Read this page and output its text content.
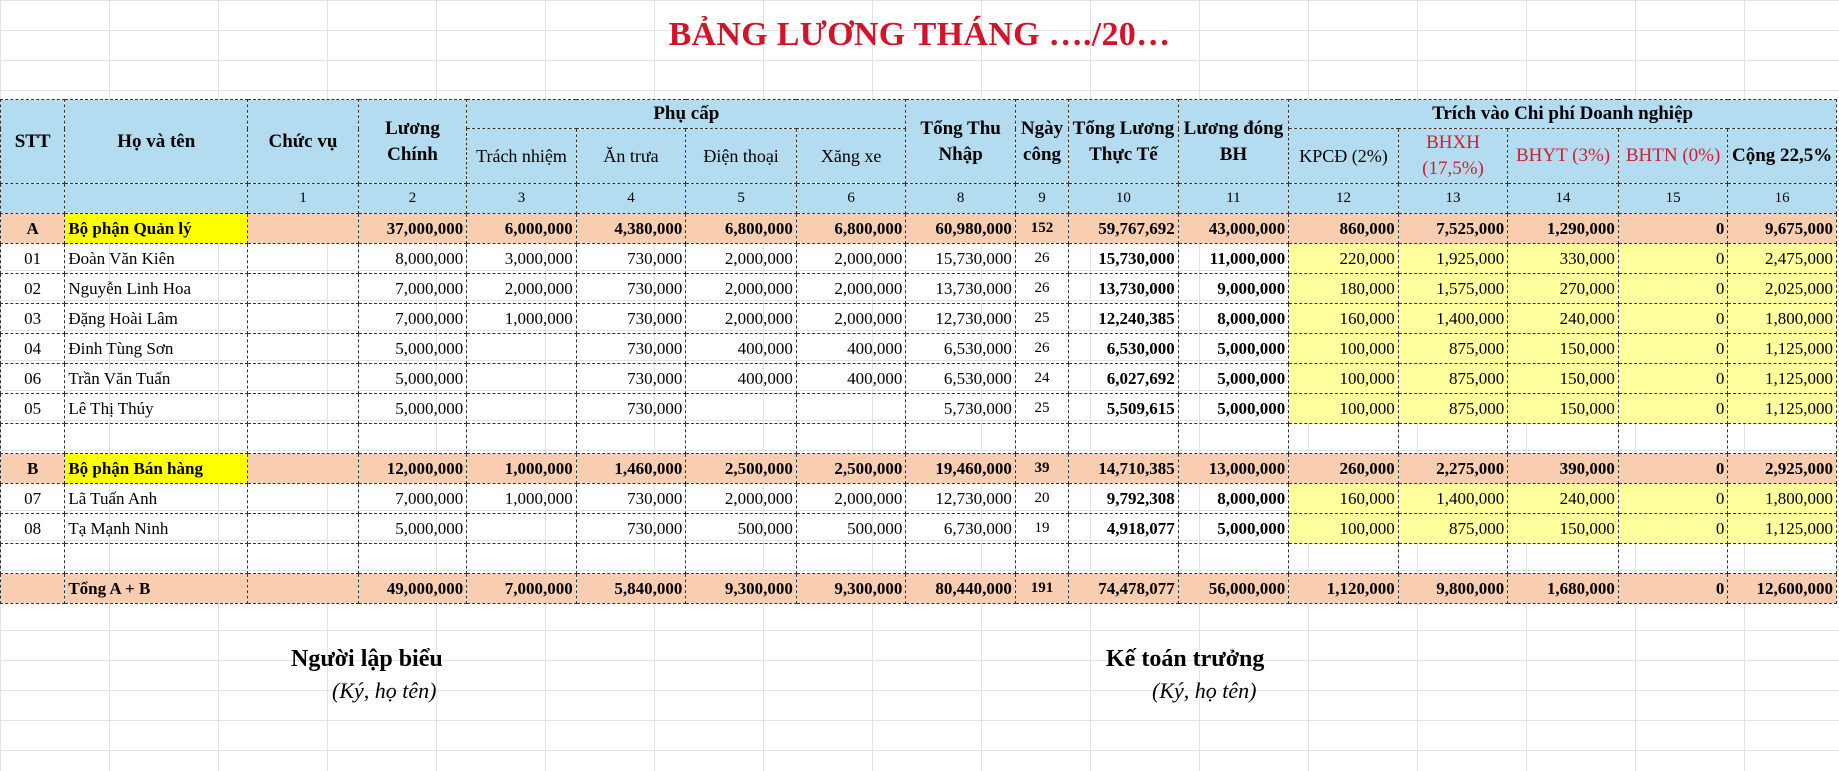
BẢNG LƯƠNG THÁNG …./20…
STT	Họ và tên	Chức vụ	Lương Chính	Phụ cấp				Tổng Thu Nhập	Ngày công	Tổng Lương Thực Tế	Lương đóng BH	Trích vào Chi phí Doanh nghiệp				
				Trách nhiệm	Ăn trưa	Điện thoại	Xăng xe					KPCĐ (2%)	BHXH (17,5%)	BHYT (3%)	BHTN (0%)	Cộng 22,5%
		1	2	3	4	5	6	8	9	10	11	12	13	14	15	16
A	Bộ phận Quản lý		37,000,000	6,000,000	4,380,000	6,800,000	6,800,000	60,980,000	152	59,767,692	43,000,000	860,000	7,525,000	1,290,000	0	9,675,000
01	Đoàn Văn Kiên		8,000,000	3,000,000	730,000	2,000,000	2,000,000	15,730,000	26	15,730,000	11,000,000	220,000	1,925,000	330,000	0	2,475,000
02	Nguyễn Linh Hoa		7,000,000	2,000,000	730,000	2,000,000	2,000,000	13,730,000	26	13,730,000	9,000,000	180,000	1,575,000	270,000	0	2,025,000
03	Đặng Hoài Lâm		7,000,000	1,000,000	730,000	2,000,000	2,000,000	12,730,000	25	12,240,385	8,000,000	160,000	1,400,000	240,000	0	1,800,000
04	Đinh Tùng Sơn		5,000,000		730,000	400,000	400,000	6,530,000	26	6,530,000	5,000,000	100,000	875,000	150,000	0	1,125,000
06	Trần Văn Tuấn		5,000,000		730,000	400,000	400,000	6,530,000	24	6,027,692	5,000,000	100,000	875,000	150,000	0	1,125,000
05	Lê Thị Thúy		5,000,000		730,000			5,730,000	25	5,509,615	5,000,000	100,000	875,000	150,000	0	1,125,000

B	Bộ phận Bán hàng		12,000,000	1,000,000	1,460,000	2,500,000	2,500,000	19,460,000	39	14,710,385	13,000,000	260,000	2,275,000	390,000	0	2,925,000
07	Lã Tuấn Anh		7,000,000	1,000,000	730,000	2,000,000	2,000,000	12,730,000	20	9,792,308	8,000,000	160,000	1,400,000	240,000	0	1,800,000
08	Tạ Mạnh Ninh		5,000,000		730,000	500,000	500,000	6,730,000	19	4,918,077	5,000,000	100,000	875,000	150,000	0	1,125,000

	Tổng A + B		49,000,000	7,000,000	5,840,000	9,300,000	9,300,000	80,440,000	191	74,478,077	56,000,000	1,120,000	9,800,000	1,680,000	0	12,600,000
Người lập biểu
(Ký, họ tên)
Kế toán trưởng
(Ký, họ tên)
